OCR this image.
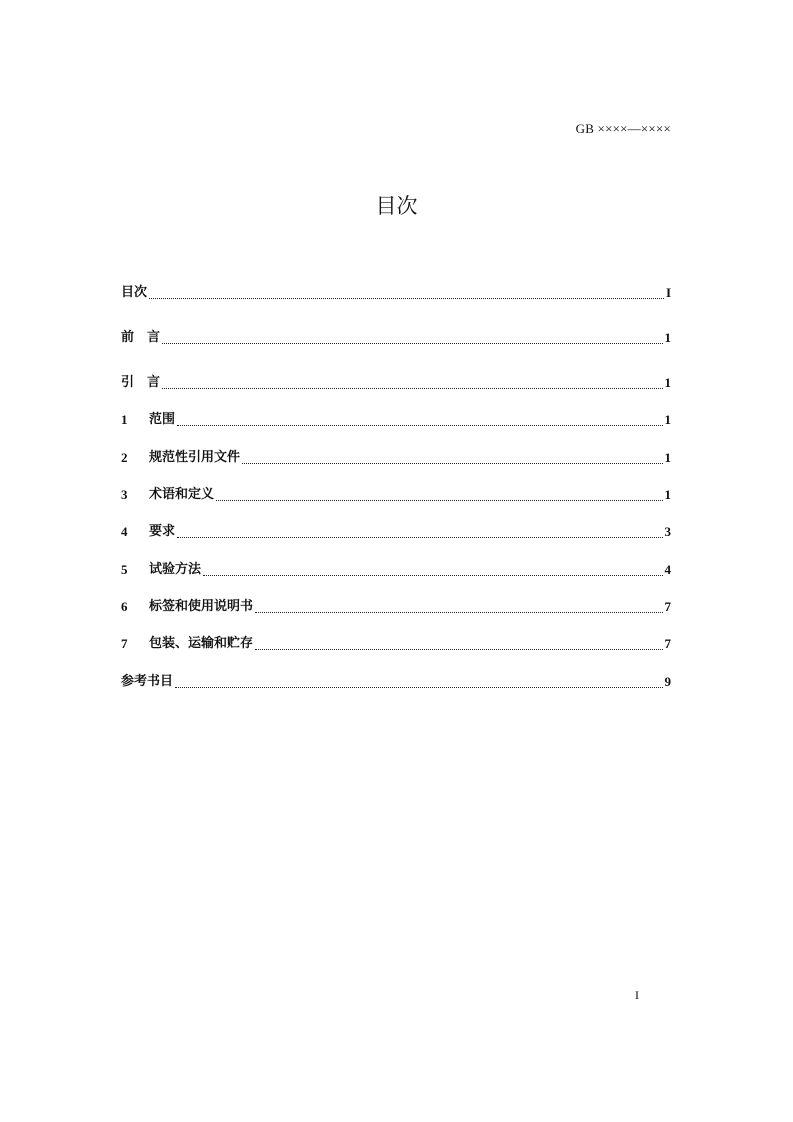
GB ××××—××××
目次
目次	I
前　言	1
引　言	1
1	范围	1
2	规范性引用文件	1
3	术语和定义	1
4	要求	3
5	试验方法	4
6	标签和使用说明书	7
7	包装、运输和贮存	7
参考书目	9
I
